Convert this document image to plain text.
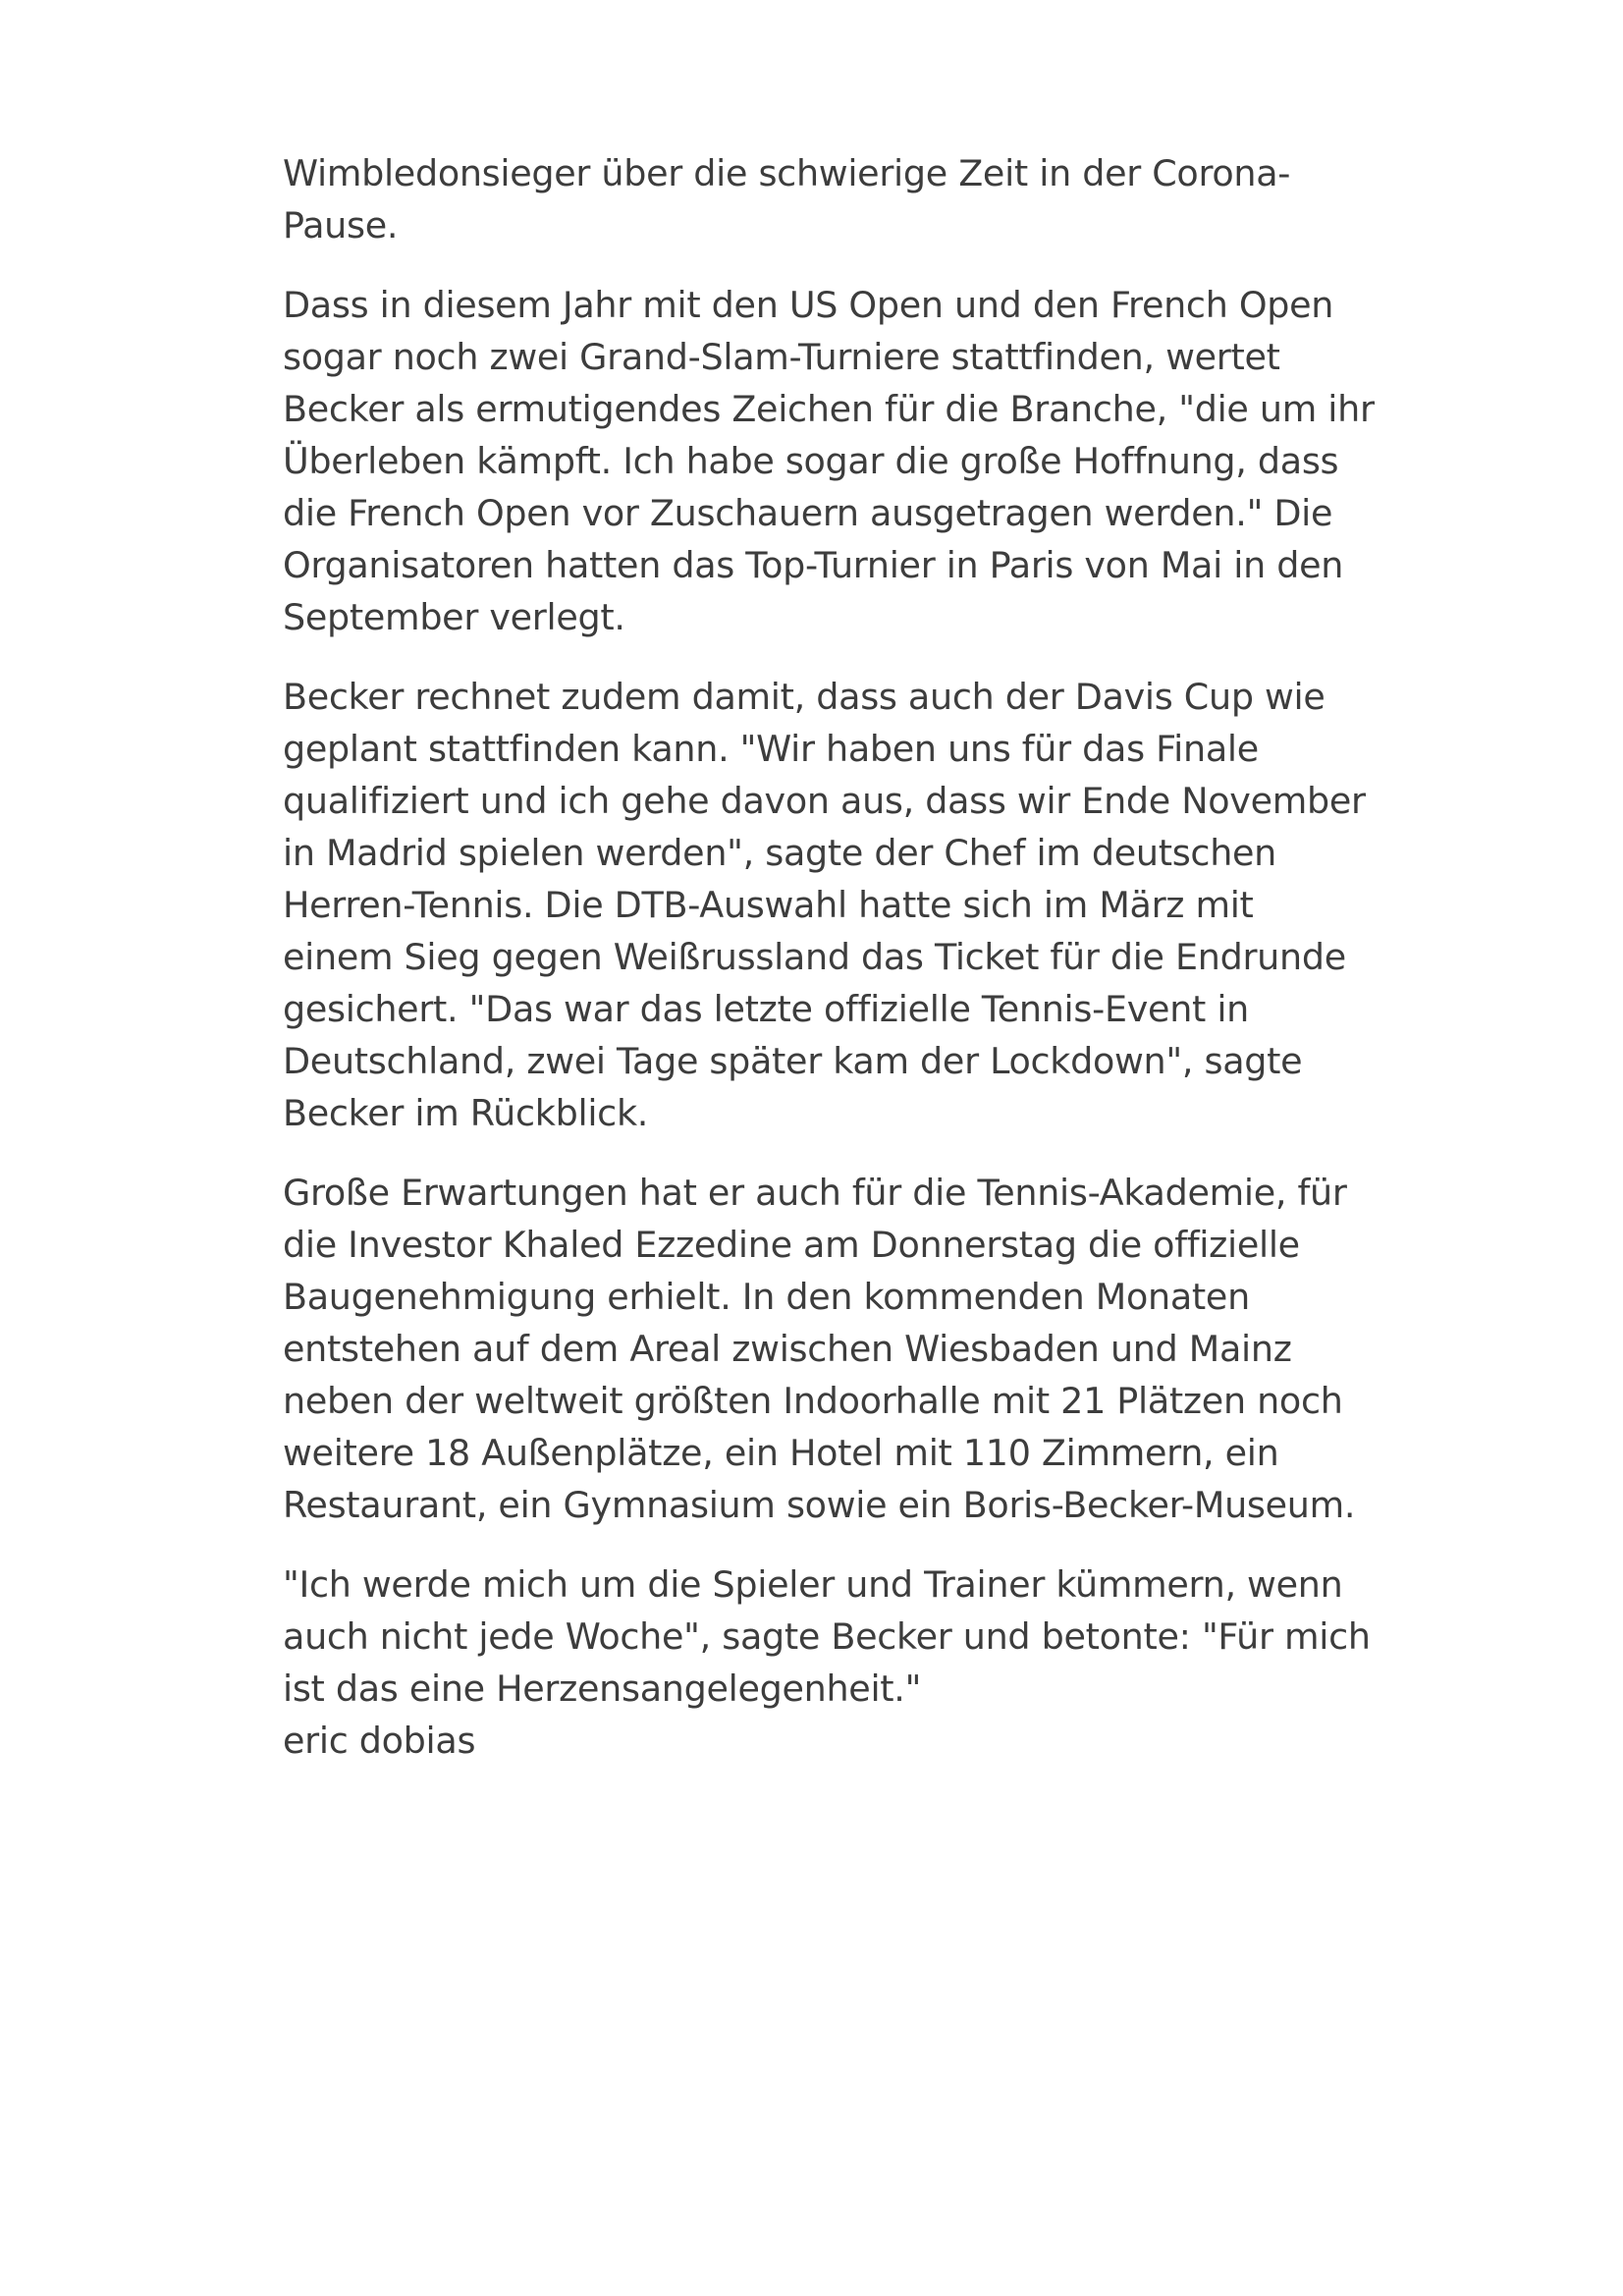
Wimbledonsieger über die schwierige Zeit in der Corona-
Pause.
Dass in diesem Jahr mit den US Open und den French Open
sogar noch zwei Grand-Slam-Turniere stattfinden, wertet
Becker als ermutigendes Zeichen für die Branche, "die um ihr
Überleben kämpft. Ich habe sogar die große Hoffnung, dass
die French Open vor Zuschauern ausgetragen werden." Die
Organisatoren hatten das Top-Turnier in Paris von Mai in den
September verlegt.
Becker rechnet zudem damit, dass auch der Davis Cup wie
geplant stattfinden kann. "Wir haben uns für das Finale
qualifiziert und ich gehe davon aus, dass wir Ende November
in Madrid spielen werden", sagte der Chef im deutschen
Herren-Tennis. Die DTB-Auswahl hatte sich im März mit
einem Sieg gegen Weißrussland das Ticket für die Endrunde
gesichert. "Das war das letzte offizielle Tennis-Event in
Deutschland, zwei Tage später kam der Lockdown", sagte
Becker im Rückblick.
Große Erwartungen hat er auch für die Tennis-Akademie, für
die Investor Khaled Ezzedine am Donnerstag die offizielle
Baugenehmigung erhielt. In den kommenden Monaten
entstehen auf dem Areal zwischen Wiesbaden und Mainz
neben der weltweit größten Indoorhalle mit 21 Plätzen noch
weitere 18 Außenplätze, ein Hotel mit 110 Zimmern, ein
Restaurant, ein Gymnasium sowie ein Boris-Becker-Museum.
"Ich werde mich um die Spieler und Trainer kümmern, wenn
auch nicht jede Woche", sagte Becker und betonte: "Für mich
ist das eine Herzensangelegenheit."
eric dobias
